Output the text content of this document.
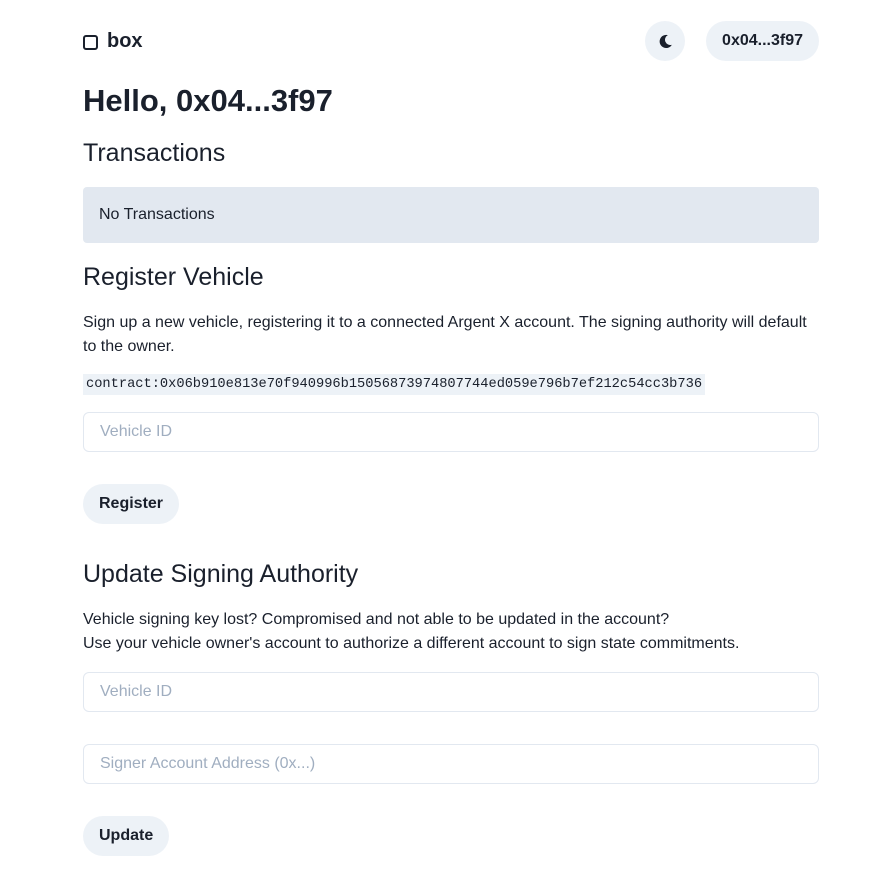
box	0x04...3f97
Hello, 0x04...3f97
Transactions
No Transactions
Register Vehicle

Sign up a new vehicle, registering it to a connected Argent X account. The signing authority will default to the owner.

contract:0x06b910e813e70f940996b15056873974807744ed059e796b7ef212c54cc3b736
Vehicle ID
Register
Update Signing Authority

Vehicle signing key lost? Compromised and not able to be updated in the account?
Use your vehicle owner's account to authorize a different account to sign state commitments.

Vehicle ID
Signer Account Address (0x...)
Update
